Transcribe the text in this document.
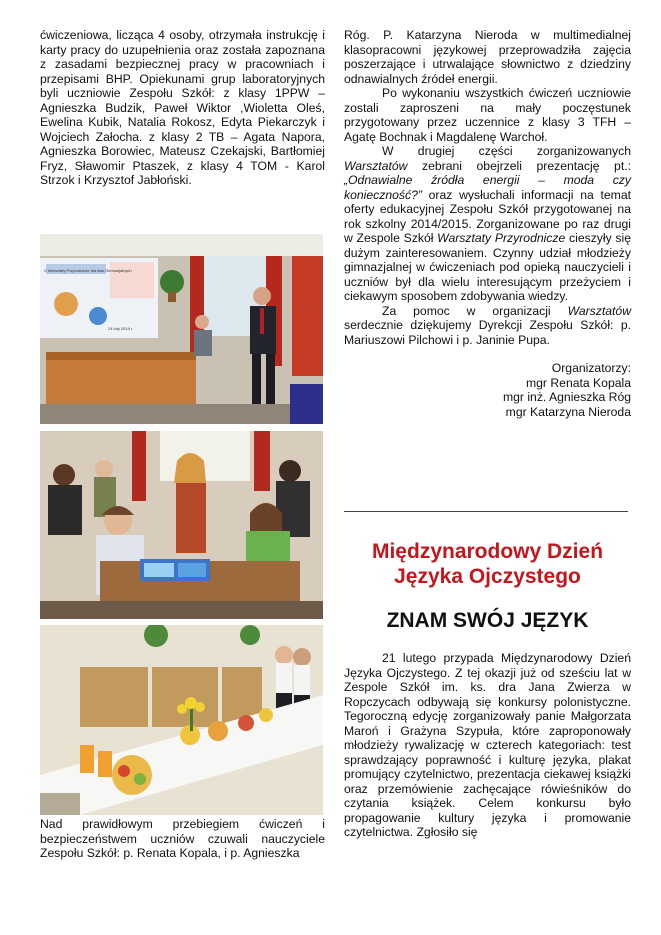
ćwiczeniowa, licząca 4 osoby, otrzymała instrukcję i karty pracy do uzupełnienia oraz została zapoznana z zasadami bezpiecznej pracy w pracowniach i przepisami BHP. Opiekunami grup laboratoryjnych byli uczniowie Zespołu Szkół: z klasy 1PPW – Agnieszka Budzik, Paweł Wiktor ,Wioletta Oleś, Ewelina Kubik, Natalia Rokosz, Edyta Piekarczyk i Wojciech Załocha. z klasy 2 TB – Agata Napora, Agnieszka Borowiec, Mateusz Czekajski, Bartłomiej Fryz, Sławomir Ptaszek, z klasy 4 TOM - Karol Strzok i Krzysztof Jabłoński.

V Warsztaty Przyrodnicze dla klas Gimnazjalnych
24 luty 2014 r.

Nad prawidłowym przebiegiem ćwiczeń i bezpieczeństwem uczniów czuwali nauczyciele Zespołu Szkół: p. Renata Kopala, i p. Agnieszka

Róg. P. Katarzyna Nieroda w multimedialnej klasopracowni językowej przeprowadziła zajęcia poszerzające i utrwalające słownictwo z dziedziny odnawialnych źródeł energii.

Po wykonaniu wszystkich ćwiczeń uczniowie zostali zaproszeni na mały poczęstunek przygotowany przez uczennice z klasy 3 TFH – Agatę Bochnak i Magdalenę Warchoł.

W drugiej części zorganizowanych Warsztatów zebrani obejrzeli prezentację pt.: „Odnawialne źródła energii – moda czy konieczność?” oraz wysłuchali informacji na temat oferty edukacyjnej Zespołu Szkół przygotowanej na rok szkolny 2014/2015. Zorganizowane po raz drugi w Zespole Szkół Warsztaty Przyrodnicze cieszyły się dużym zainteresowaniem. Czynny udział młodzieży gimnazjalnej w ćwiczeniach pod opieką nauczycieli i uczniów był dla wielu interesującym przeżyciem i ciekawym sposobem zdobywania wiedzy.

Za pomoc w organizacji Warsztatów serdecznie dziękujemy Dyrekcji Zespołu Szkół: p. Mariuszowi Pilchowi i p. Janinie Pupa.

Organizatorzy:
mgr Renata Kopala
mgr inż. Agnieszka Róg
mgr Katarzyna Nieroda
Międzynarodowy Dzień
Języka Ojczystego
ZNAM SWÓJ JĘZYK

21 lutego przypada Międzynarodowy Dzień Języka Ojczystego. Z tej okazji już od sześciu lat w Zespole Szkół im. ks. dra Jana Zwierza w Ropczycach odbywają się konkursy polonistyczne. Tegoroczną edycję zorganizowały panie Małgorzata Maroń i Grażyna Szypuła, które zaproponowały młodzieży rywalizację w czterech kategoriach: test sprawdzający poprawność i kulturę języka, plakat promujący czytelnictwo, prezentacja ciekawej książki oraz przemówienie zachęcające rówieśników do czytania książek. Celem konkursu było propagowanie kultury języka i promowanie czytelnictwa. Zgłosiło się
